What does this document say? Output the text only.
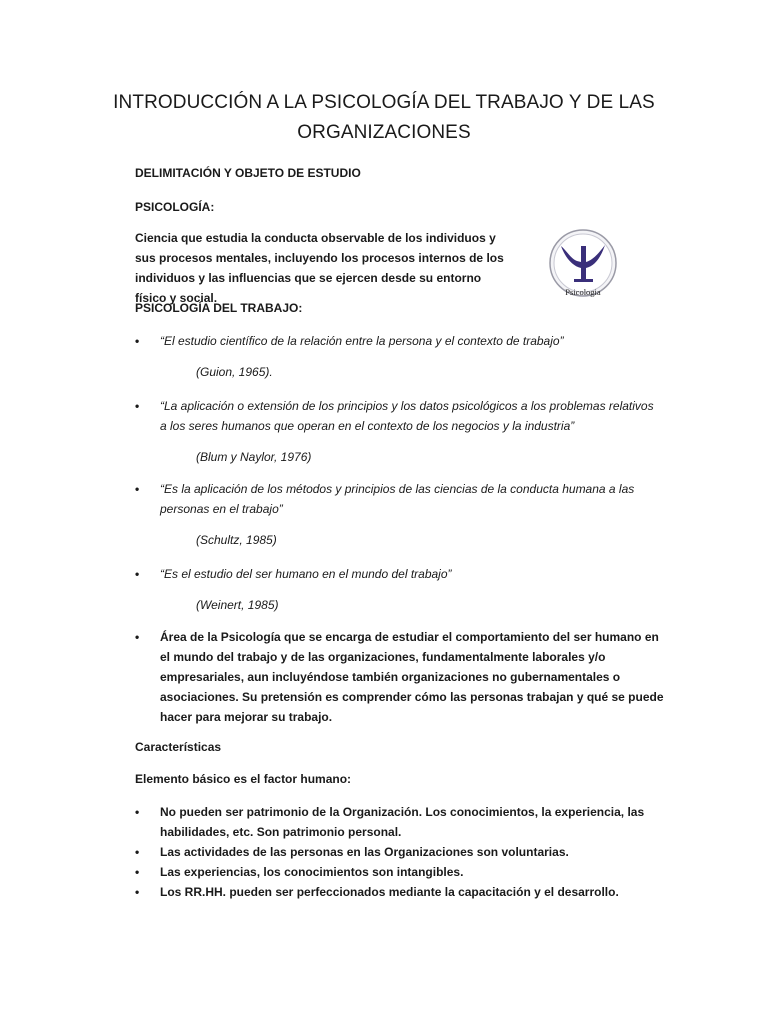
INTRODUCCIÓN A LA PSICOLOGÍA DEL TRABAJO Y DE LAS ORGANIZACIONES

DELIMITACIÓN Y OBJETO DE ESTUDIO

PSICOLOGÍA:

Ciencia que estudia la conducta observable de los individuos y sus procesos mentales, incluyendo los procesos internos de los individuos y las influencias que se ejercen desde su entorno físico y social.	Psicologia

PSICOLOGÍA DEL TRABAJO:

•	“El estudio científico de la relación entre la persona y el contexto de trabajo”

(Guion, 1965).

•	“La aplicación o extensión de los principios y los datos psicológicos a los problemas relativos a los seres humanos que operan en el contexto de los negocios y la industria”

(Blum y Naylor, 1976)

•	“Es la aplicación de los métodos y principios de las ciencias de la conducta humana a las personas en el trabajo”

(Schultz, 1985)

•	“Es el estudio del ser humano en el mundo del trabajo”

(Weinert, 1985)

•	Área de la Psicología que se encarga de estudiar el comportamiento del ser humano en el mundo del trabajo y de las organizaciones, fundamentalmente laborales y/o empresariales, aun incluyéndose también organizaciones no gubernamentales o asociaciones. Su pretensión es comprender cómo las personas trabajan y qué se puede hacer para mejorar su trabajo.

Características

Elemento básico es el factor humano:

•	No pueden ser patrimonio de la Organización. Los conocimientos, la experiencia, las habilidades, etc. Son patrimonio personal.
•	Las actividades de las personas en las Organizaciones son voluntarias.
•	Las experiencias, los conocimientos son intangibles.
•	Los RR.HH. pueden ser perfeccionados mediante la capacitación y el desarrollo.
